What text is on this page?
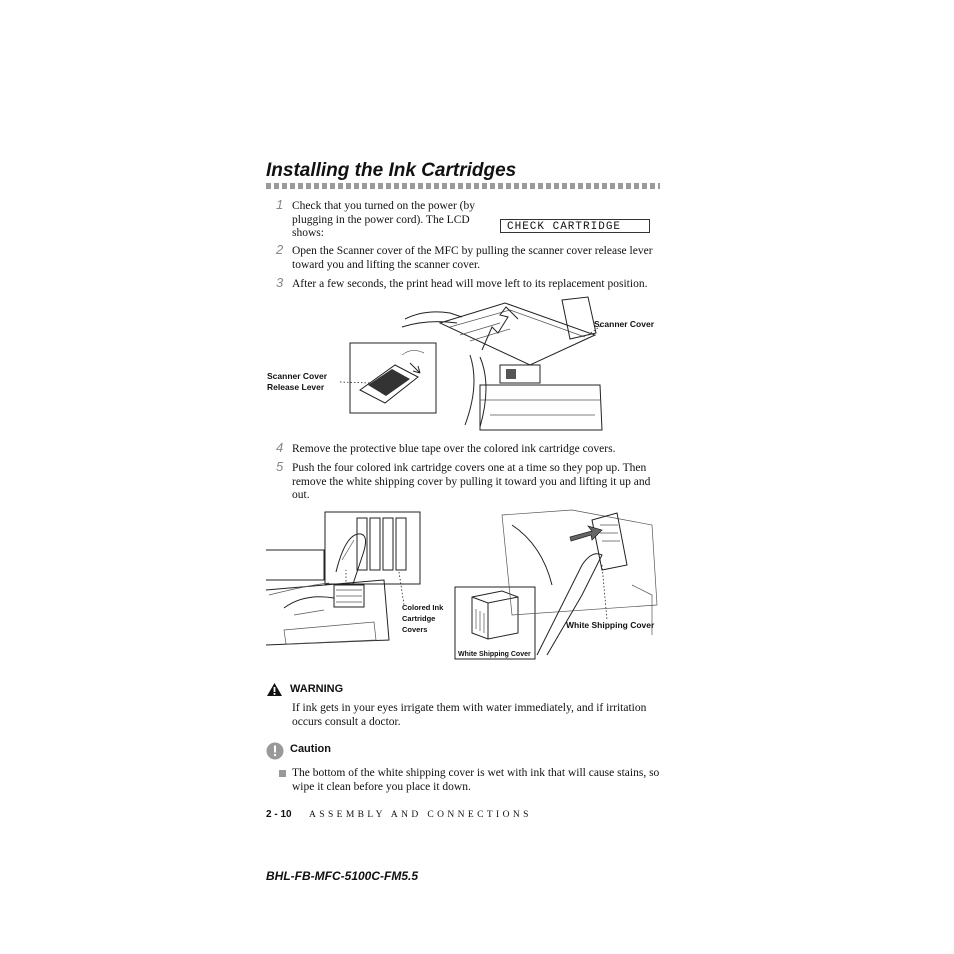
Installing the Ink Cartridges
1 Check that you turned on the power (by plugging in the power cord). The LCD shows:
CHECK CARTRIDGE
2 Open the Scanner cover of the MFC by pulling the scanner cover release lever toward you and lifting the scanner cover.
3 After a few seconds, the print head will move left to its replacement position.
Scanner Cover
Scanner Cover
Release Lever
4 Remove the protective blue tape over the colored ink cartridge covers.
5 Push the four colored ink cartridge covers one at a time so they pop up. Then remove the white shipping cover by pulling it toward you and lifting it up and out.
Colored Ink
Cartridge
Covers	White Shipping Cover
White Shipping Cover
WARNING
If ink gets in your eyes irrigate them with water immediately, and if irritation occurs consult a doctor.
Caution
The bottom of the white shipping cover is wet with ink that will cause stains, so wipe it clean before you place it down.
2 - 10 ASSEMBLY AND CONNECTIONS
BHL-FB-MFC-5100C-FM5.5
